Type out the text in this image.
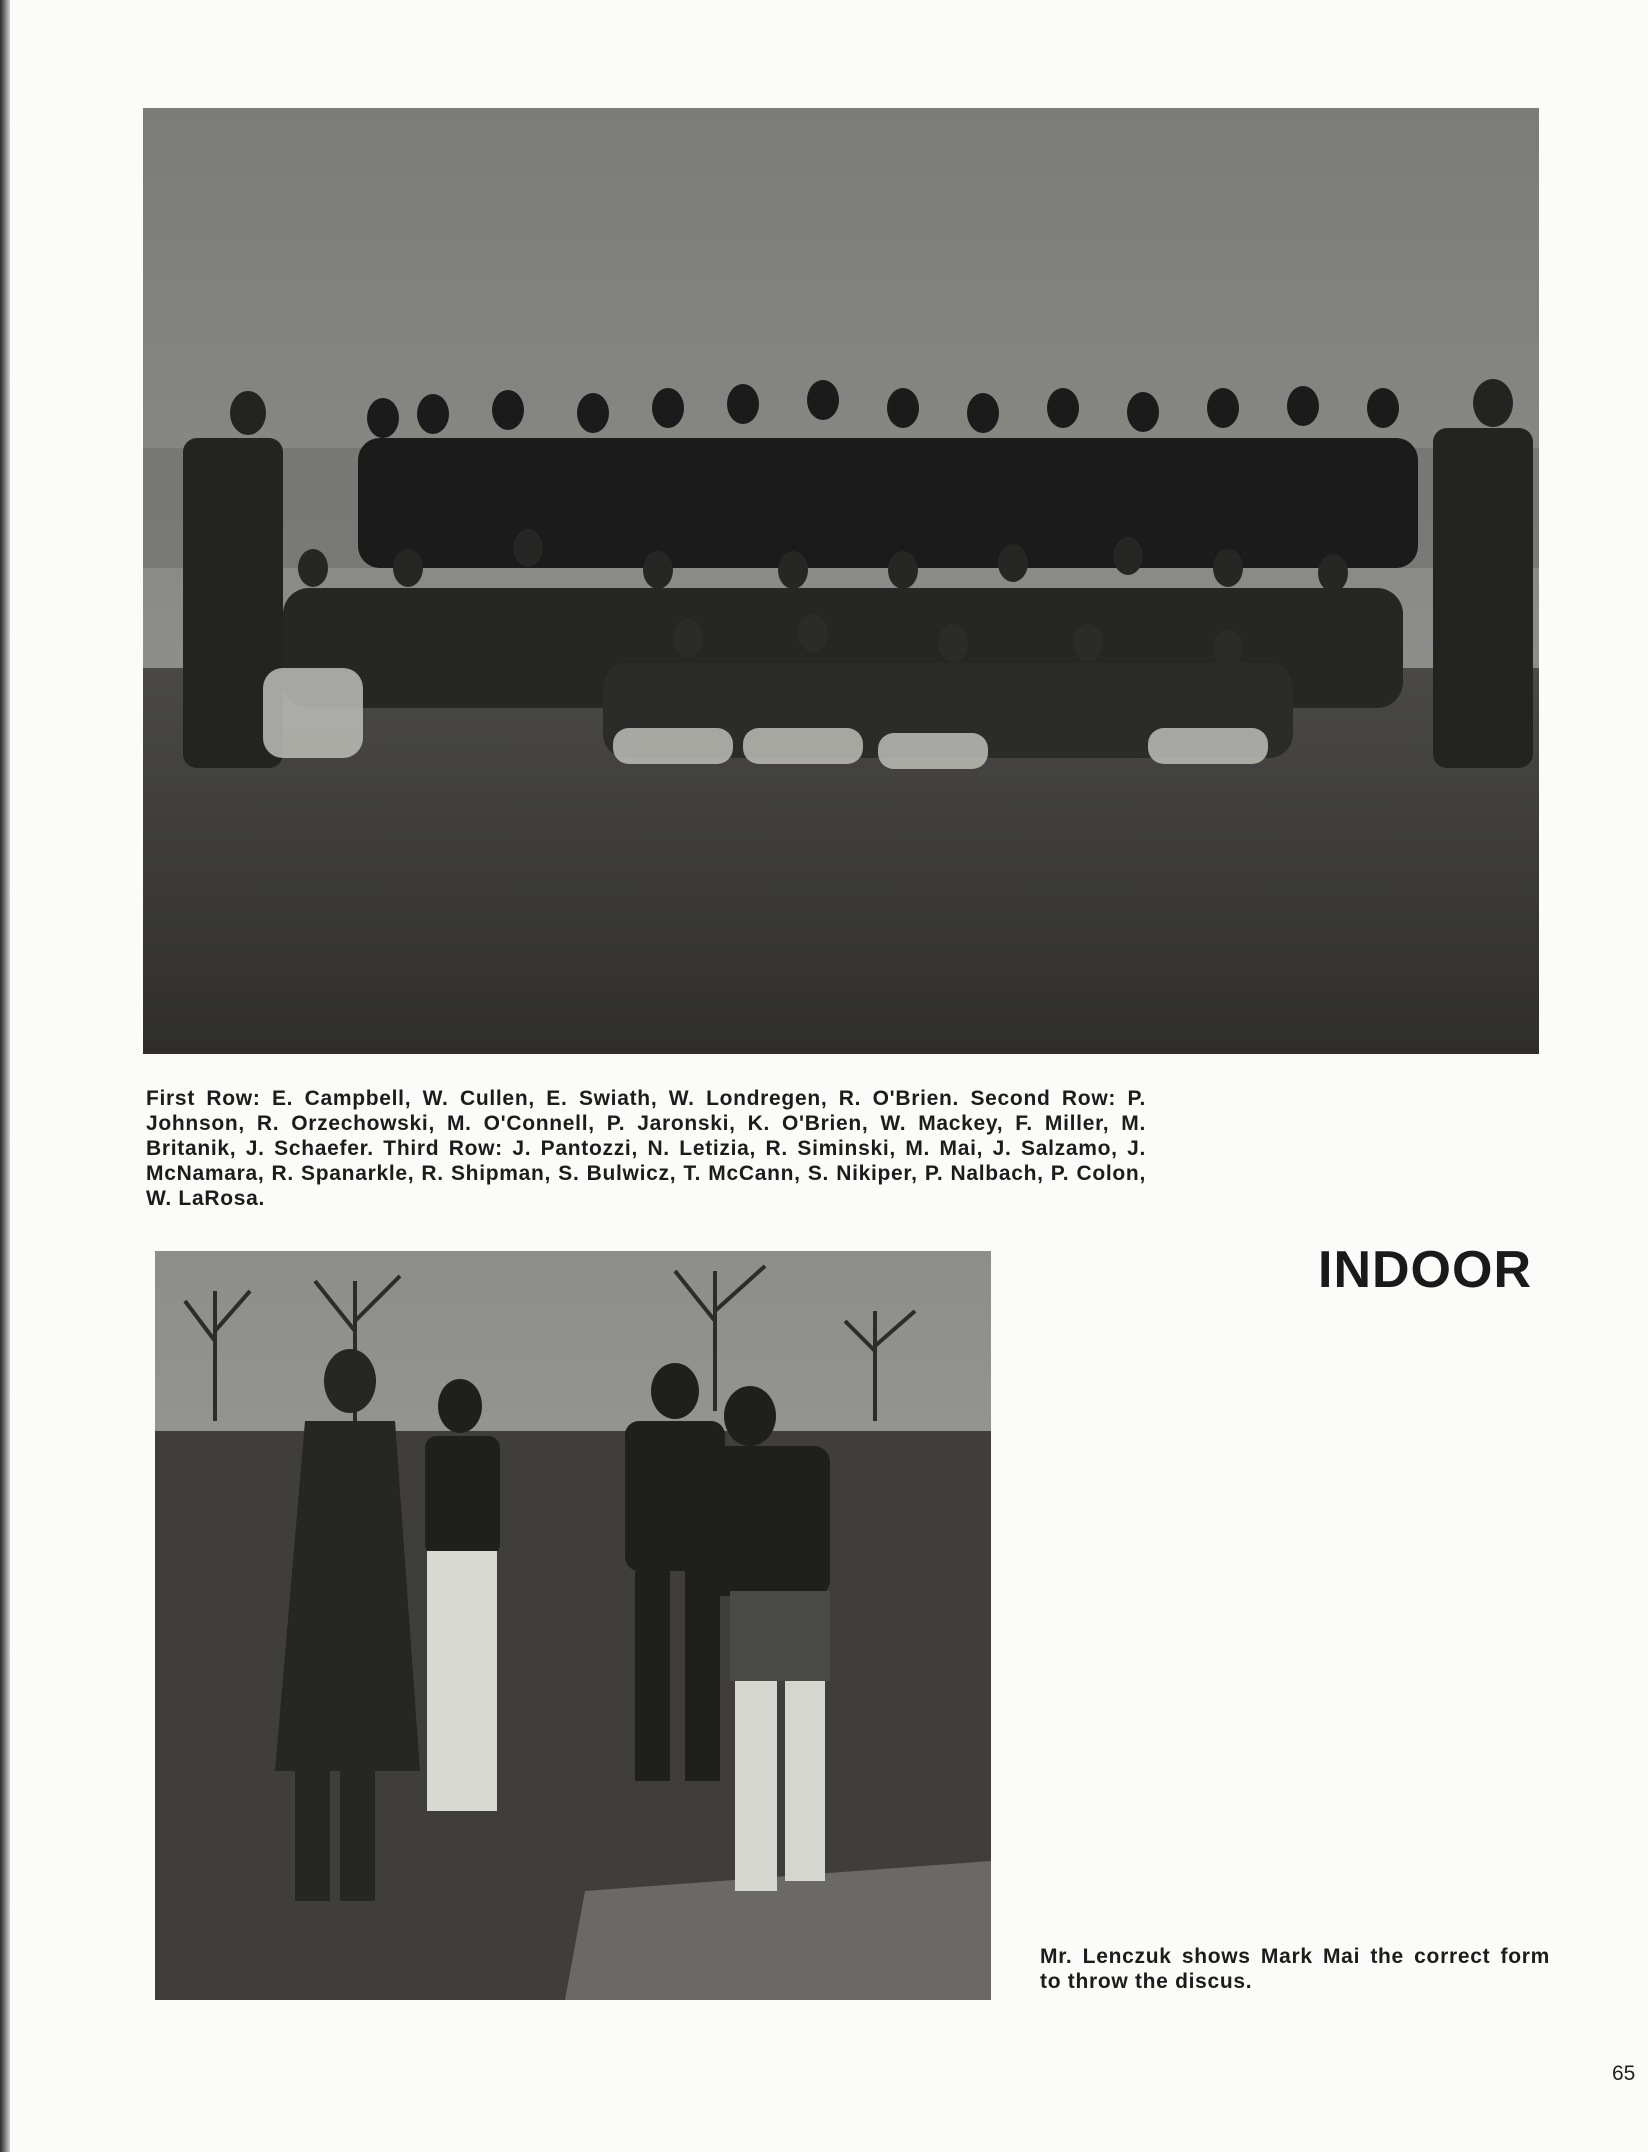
First Row: E. Campbell, W. Cullen, E. Swiath, W. Londregen, R. O'Brien. Second Row: P. Johnson, R. Orzechowski, M. O'Connell, P. Jaronski, K. O'Brien, W. Mackey, F. Miller, M. Britanik, J. Schaefer. Third Row: J. Pantozzi, N. Letizia, R. Siminski, M. Mai, J. Salzamo, J. McNamara, R. Spanarkle, R. Shipman, S. Bulwicz, T. McCann, S. Nikiper, P. Nalbach, P. Colon, W. LaRosa.

INDOOR

Mr. Lenczuk shows Mark Mai the correct form to throw the discus.

65
